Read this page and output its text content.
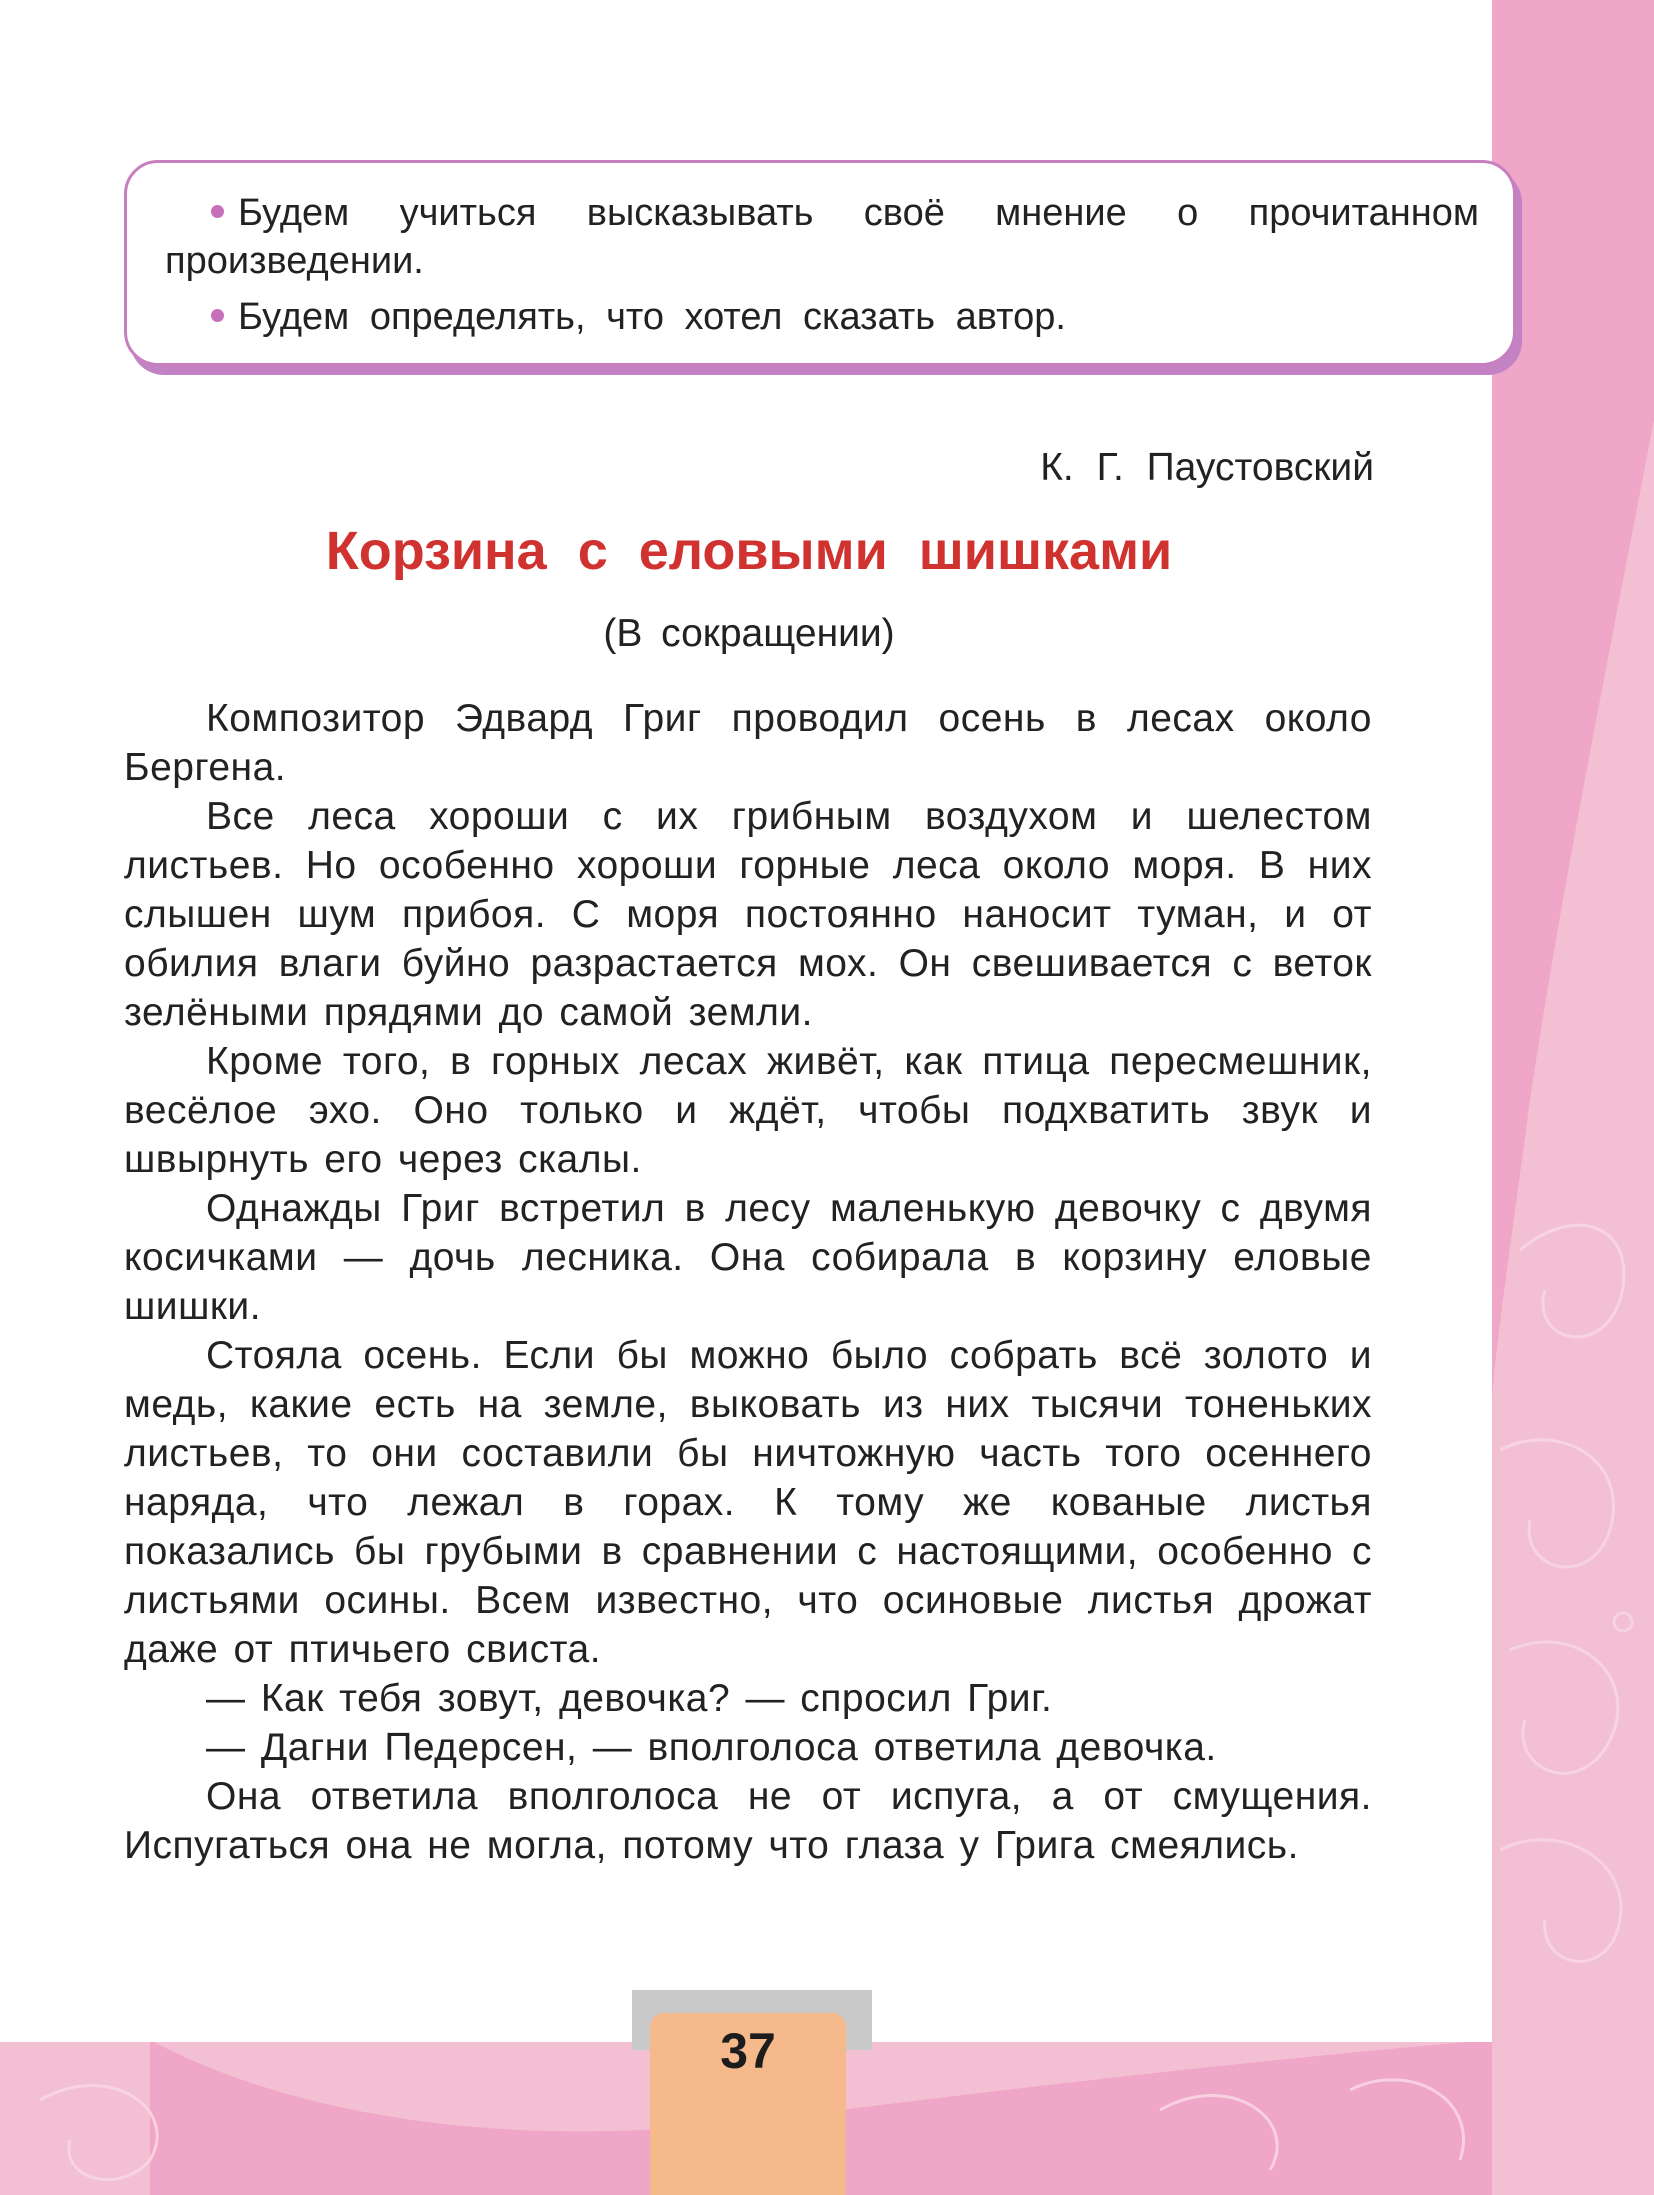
Будем учиться высказывать своё мнение о прочитанном произведении.

Будем определять, что хотел сказать автор.

К. Г. Паустовский
Корзина с еловыми шишками
(В сокращении)

Композитор Эдвард Григ проводил осень в лесах около Бергена.

Все леса хороши с их грибным воздухом и шелестом листьев. Но особенно хороши горные леса около моря. В них слышен шум прибоя. С моря постоянно наносит туман, и от обилия влаги буйно разрастается мох. Он свешивается с веток зелёными прядями до самой земли.

Кроме того, в горных лесах живёт, как птица пересмешник, весёлое эхо. Оно только и ждёт, чтобы подхватить звук и швырнуть его через скалы.

Однажды Григ встретил в лесу маленькую девочку с двумя косичками — дочь лесника. Она собирала в корзину еловые шишки.

Стояла осень. Если бы можно было собрать всё золото и медь, какие есть на земле, выковать из них тысячи тоненьких листьев, то они составили бы ничтожную часть того осеннего наряда, что лежал в горах. К тому же кованые листья показались бы грубыми в сравнении с настоящими, особенно с листьями осины. Всем известно, что осиновые листья дрожат даже от птичьего свиста.

— Как тебя зовут, девочка? — спросил Григ.

— Дагни Педерсен, — вполголоса ответила девочка.

Она ответила вполголоса не от испуга, а от смущения. Испугаться она не могла, потому что глаза у Грига смеялись.

37
